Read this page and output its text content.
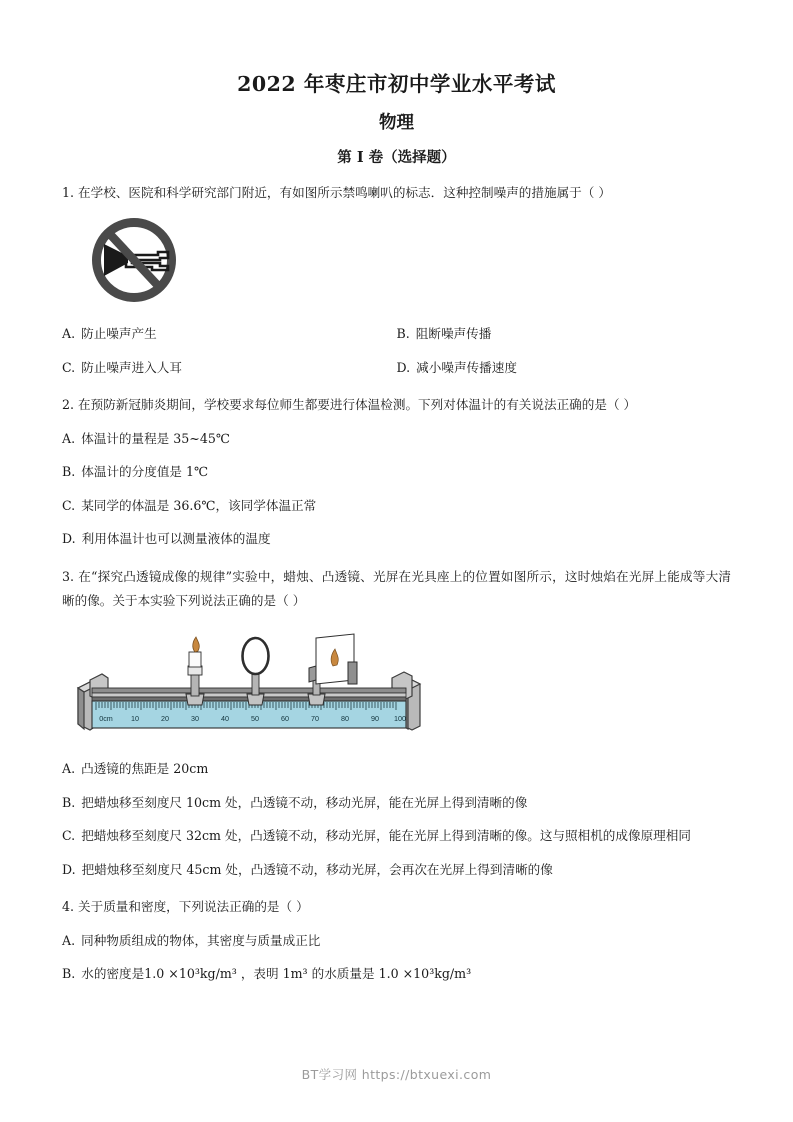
2022 年枣庄市初中学业水平考试
物理
第 I 卷（选择题）

1. 在学校、医院和科学研究部门附近，有如图所示禁鸣喇叭的标志．这种控制噪声的措施属于（ ）

A. 防止噪声产生	B. 阻断噪声传播
C. 防止噪声进入人耳	D. 减小噪声传播速度

2. 在预防新冠肺炎期间，学校要求每位师生都要进行体温检测。下列对体温计的有关说法正确的是（ ）

A. 体温计的量程是 35~45℃

B. 体温计的分度值是 1℃

C. 某同学的体温是 36.6℃，该同学体温正常

D. 利用体温计也可以测量液体的温度

3. 在“探究凸透镜成像的规律”实验中，蜡烛、凸透镜、光屏在光具座上的位置如图所示，这时烛焰在光屏上能成等大清晰的像。关于本实验下列说法正确的是（ ）

0cm	10	20	30	40	50	60	70	80	90 100

A. 凸透镜的焦距是 20cm

B. 把蜡烛移至刻度尺 10cm 处，凸透镜不动，移动光屏，能在光屏上得到清晰的像

C. 把蜡烛移至刻度尺 32cm 处，凸透镜不动，移动光屏，能在光屏上得到清晰的像。这与照相机的成像原理相同

D. 把蜡烛移至刻度尺 45cm 处，凸透镜不动，移动光屏，会再次在光屏上得到清晰的像

4. 关于质量和密度，下列说法正确的是（ ）

A. 同种物质组成的物体，其密度与质量成正比

B. 水的密度是1.0 ×10³kg/m³ ，表明 1m³ 的水质量是 1.0 ×10³kg/m³

BT学习网 https://btxuexi.com
